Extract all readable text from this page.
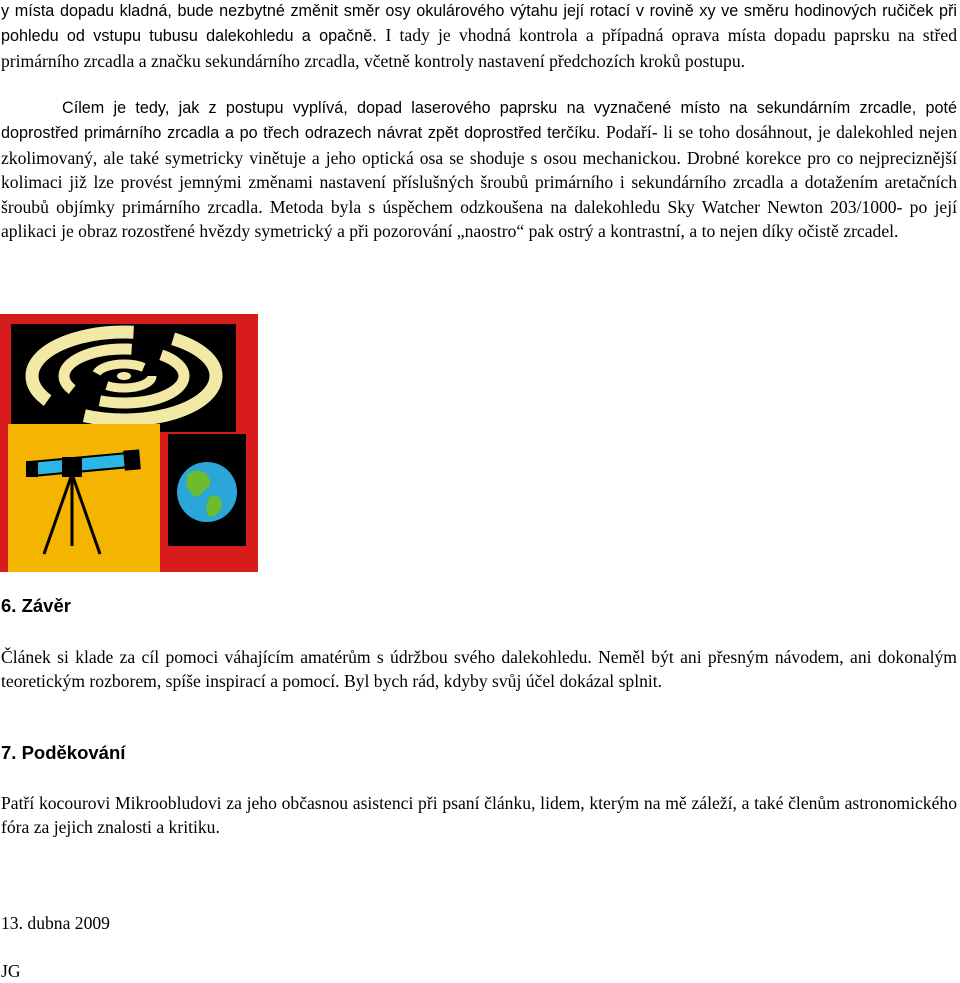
y místa dopadu kladná, bude nezbytné změnit směr osy okulárového výtahu její rotací v rovině xy ve směru hodinových ručiček při pohledu od vstupu tubusu dalekohledu a opačně. I tady je vhodná kontrola a případná oprava místa dopadu paprsku na střed primárního zrcadla a značku sekundárního zrcadla, včetně kontroly nastavení předchozích kroků postupu.

Cílem je tedy, jak z postupu vyplívá, dopad laserového paprsku na vyznačené místo na sekundárním zrcadle, poté doprostřed primárního zrcadla a po třech odrazech návrat zpět doprostřed terčíku. Podaří- li se toho dosáhnout, je dalekohled nejen zkolimovaný, ale také symetricky vinětuje a jeho optická osa se shoduje s osou mechanickou. Drobné korekce pro co nejpreciznější kolimaci již lze provést jemnými změnami nastavení příslušných šroubů primárního i sekundárního zrcadla a dotažením aretačních šroubů objímky primárního zrcadla. Metoda byla s úspěchem odzkoušena na dalekohledu Sky Watcher Newton 203/1000- po její aplikaci je obraz rozostřené hvězdy symetrický a při pozorování „naostro“ pak ostrý a kontrastní, a to nejen díky očistě zrcadel.

6. Závěr

Článek si klade za cíl pomoci váhajícím amatérům s údržbou svého dalekohledu. Neměl být ani přesným návodem, ani dokonalým teoretickým rozborem, spíše inspirací a pomocí. Byl bych rád, kdyby svůj účel dokázal splnit.

7. Poděkování

Patří kocourovi Mikroobludovi za jeho občasnou asistenci při psaní článku, lidem, kterým na mě záleží, a také členům astronomického fóra za jejich znalosti a kritiku.

13. dubna 2009

JG
